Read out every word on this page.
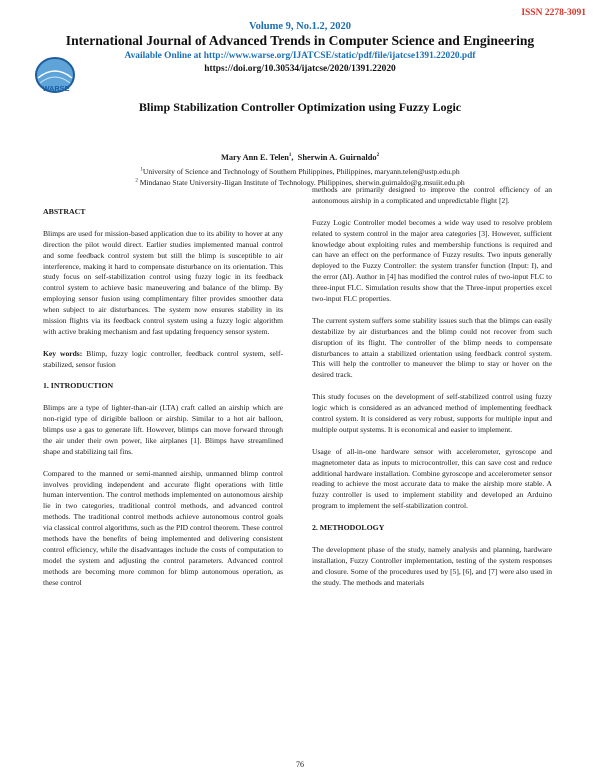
ISSN 2278-3091
Volume 9, No.1.2, 2020
International Journal of Advanced Trends in Computer Science and Engineering
Available Online at http://www.warse.org/IJATCSE/static/pdf/file/ijatcse1391.22020.pdf
https://doi.org/10.30534/ijatcse/2020/1391.22020
WARSE
Blimp Stabilization Controller Optimization using Fuzzy Logic
Mary Ann E. Telen$^1$,  Sherwin A. Guirnaldo$^2$
$^1$University of Science and Technology of Southern Philippines, Philippines, maryann.telen@ustp.edu.ph
$^2$ Mindanao State University-Iligan Institute of Technology. Philippines, sherwin.guirnaldo@g.msuiit.edu.ph
ABSTRACT

Blimps are used for mission-based application due to its ability to hover at any direction the pilot would direct. Earlier studies implemented manual control and some feedback control system but still the blimp is susceptible to air interference, making it hard to compensate disturbance on its orientation. This study focus on self-stabilization control using fuzzy logic in its feedback control system to achieve basic maneuvering and balance of the blimp. By employing sensor fusion using complimentary filter provides smoother data when subject to air disturbances. The system now ensures stability in its mission flights via its feedback control system using a fuzzy logic algorithm with active braking mechanism and fast updating frequency sensor system.

Key words: Blimp, fuzzy logic controller, feedback control system, self-stabilized, sensor fusion

1. INTRODUCTION

Blimps are a type of lighter-than-air (LTA) craft called an airship which are non-rigid type of dirigible balloon or airship. Similar to a hot air balloon, blimps use a gas to generate lift. However, blimps can move forward through the air under their own power, like airplanes [1]. Blimps have streamlined shape and stabilizing tail fins.

Compared to the manned or semi-manned airship, unmanned blimp control involves providing independent and accurate flight operations with little human intervention. The control methods implemented on autonomous airship lie in two categories, traditional control methods, and advanced control methods. The traditional control methods achieve autonomous control goals via classical control algorithms, such as the PID control theorem. These control methods have the benefits of being implemented and delivering consistent control efficiency, while the disadvantages include the costs of computation to model the system and adjusting the control parameters. Advanced control methods are becoming more common for blimp autonomous operation, as these control

methods are primarily designed to improve the control efficiency of an autonomous airship in a complicated and unpredictable flight [2].

Fuzzy Logic Controller model becomes a wide way used to resolve problem related to system control in the major area categories [3]. However, sufficient knowledge about exploiting rules and membership functions is required and can have an effect on the performance of Fuzzy results. Two inputs generally deployed to the Fuzzy Controller: the system transfer function (Input: I), and the error (ΔI). Author in [4] has modified the control rules of two-input FLC to three-input FLC. Simulation results show that the Three-input properties excel two-input FLC properties.

The current system suffers some stability issues such that the blimps can easily destabilize by air disturbances and the blimp could not recover from such disruption of its flight. The controller of the blimp needs to compensate disturbances to attain a stabilized orientation using feedback control system. This will help the controller to maneuver the blimp to stay or hover on the desired track.

This study focuses on the development of self-stabilized control using fuzzy logic which is considered as an advanced method of implementing feedback control system. It is considered as very robust, supports for multiple input and multiple output systems. It is economical and easier to implement.

Usage of all-in-one hardware sensor with accelerometer, gyroscope and magnetometer data as inputs to microcontroller, this can save cost and reduce additional hardware installation. Combine gyroscope and accelerometer sensor reading to achieve the most accurate data to make the airship more stable. A fuzzy controller is used to implement stability and developed an Arduino program to implement the self-stabilization control.

2. METHODOLOGY

The development phase of the study, namely analysis and planning, hardware installation, Fuzzy Controller implementation, testing of the system responses and closure. Some of the procedures used by [5], [6], and [7] were also used in the study. The methods and materials

76
